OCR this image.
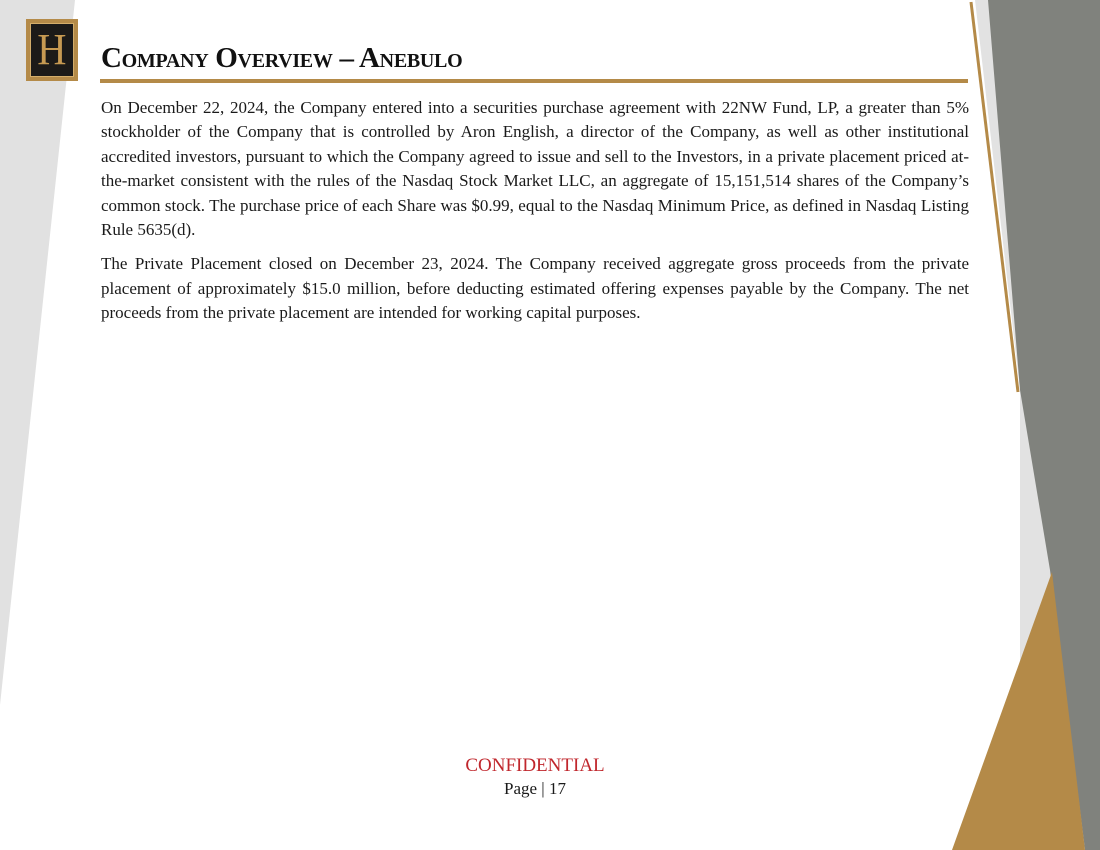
H Company Overview – Anebulo

On December 22, 2024, the Company entered into a securities purchase agreement with 22NW Fund, LP, a greater than 5% stockholder of the Company that is controlled by Aron English, a director of the Company, as well as other institutional accredited investors, pursuant to which the Company agreed to issue and sell to the Investors, in a private placement priced at-the-market consistent with the rules of the Nasdaq Stock Market LLC, an aggregate of 15,151,514 shares of the Company’s common stock. The purchase price of each Share was $0.99, equal to the Nasdaq Minimum Price, as defined in Nasdaq Listing Rule 5635(d).

The Private Placement closed on December 23, 2024. The Company received aggregate gross proceeds from the private placement of approximately $15.0 million, before deducting estimated offering expenses payable by the Company. The net proceeds from the private placement are intended for working capital purposes.

CONFIDENTIAL
Page | 17
